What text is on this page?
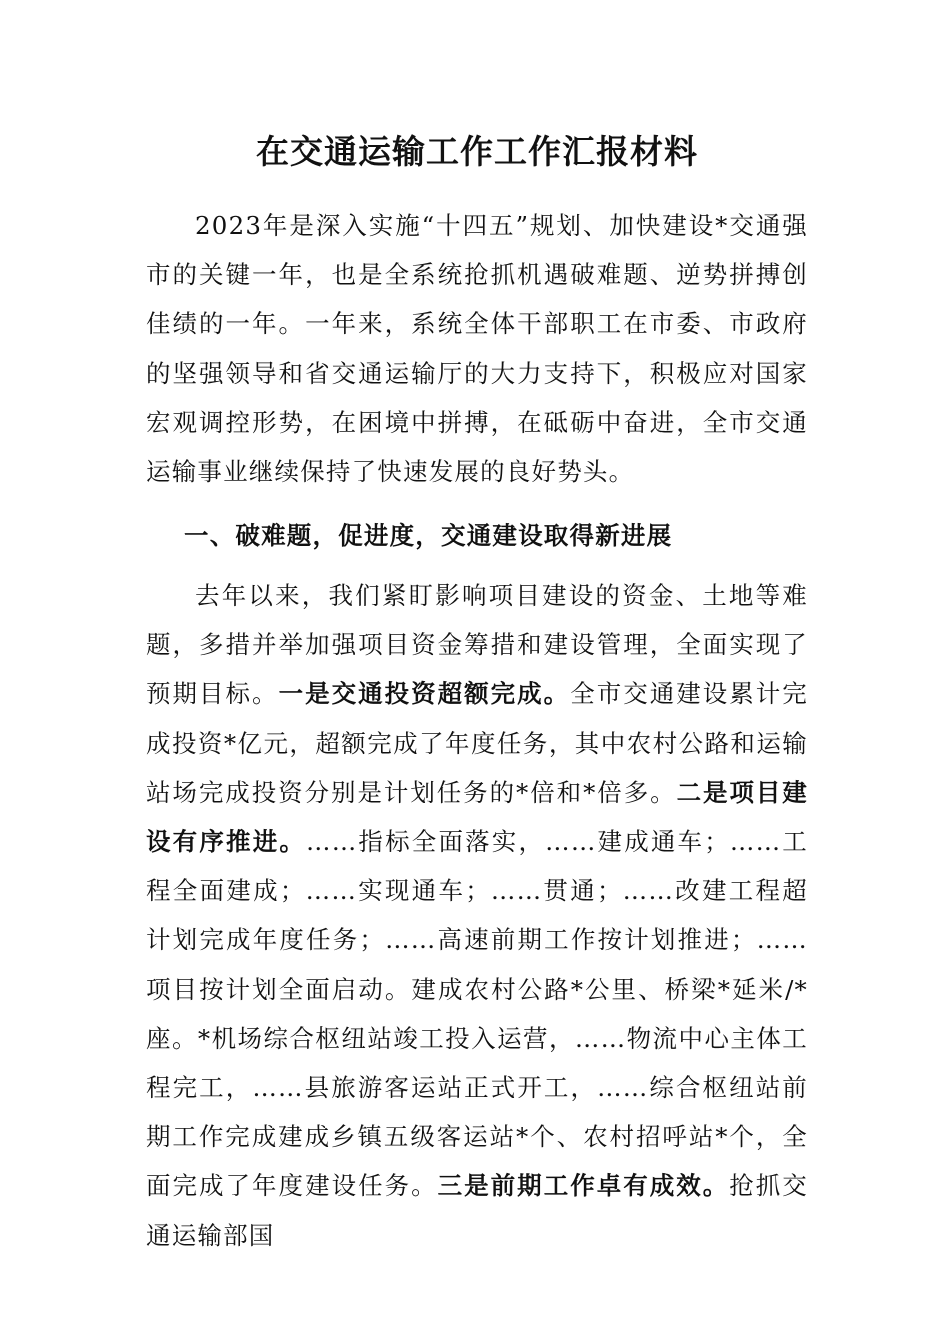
在交通运输工作工作汇报材料
2023年是深入实施“十四五”规划、加快建设*交通强市的关键一年，也是全系统抢抓机遇破难题、逆势拼搏创佳绩的一年。一年来，系统全体干部职工在市委、市政府的坚强领导和省交通运输厅的大力支持下，积极应对国家宏观调控形势，在困境中拼搏，在砥砺中奋进，全市交通运输事业继续保持了快速发展的良好势头。
一、破难题，促进度，交通建设取得新进展
去年以来，我们紧盯影响项目建设的资金、土地等难题，多措并举加强项目资金筹措和建设管理，全面实现了预期目标。一是交通投资超额完成。全市交通建设累计完成投资*亿元，超额完成了年度任务，其中农村公路和运输站场完成投资分别是计划任务的*倍和*倍多。二是项目建设有序推进。……指标全面落实，……建成通车；……工程全面建成；……实现通车；……贯通；……改建工程超计划完成年度任务；……高速前期工作按计划推进；……项目按计划全面启动。建成农村公路*公里、桥梁*延米/*座。*机场综合枢纽站竣工投入运营，……物流中心主体工程完工，……县旅游客运站正式开工，……综合枢纽站前期工作完成建成乡镇五级客运站*个、农村招呼站*个，全面完成了年度建设任务。三是前期工作卓有成效。抢抓交通运输部国
